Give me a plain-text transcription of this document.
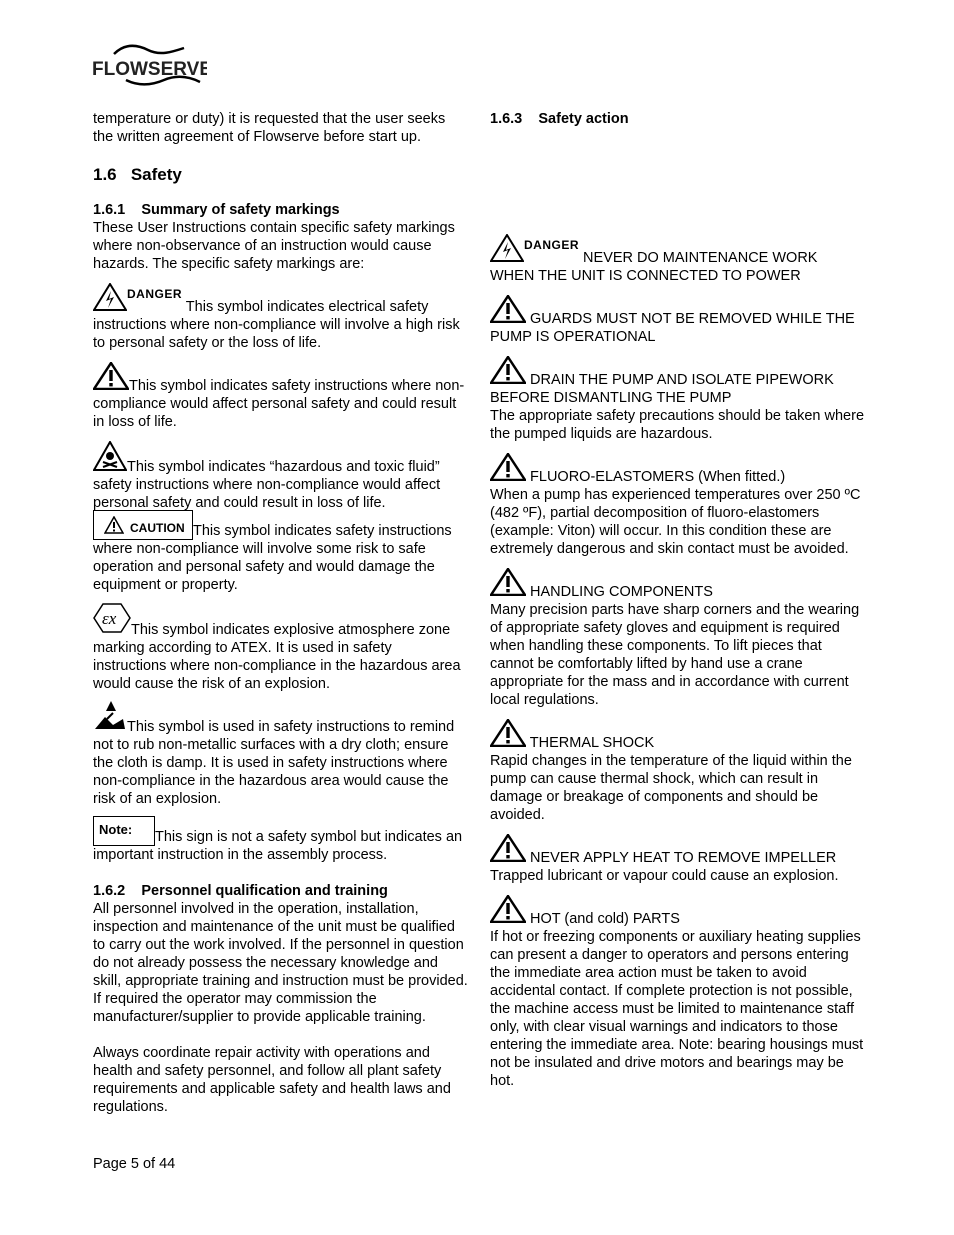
FLOWSERVE

temperature or duty) it is requested that the user seeks the written agreement of Flowserve before start up.

1.6 Safety
1.6.1 Summary of safety markings

These User Instructions contain specific safety markings where non-observance of an instruction would cause hazards. The specific safety markings are:

DANGER This symbol indicates electrical safety instructions where non-compliance will involve a high risk to personal safety or the loss of life.

This symbol indicates safety instructions where non-compliance would affect personal safety and could result in loss of life.

This symbol indicates “hazardous and toxic fluid” safety instructions where non-compliance would affect personal safety and could result in loss of life.

CAUTION This symbol indicates safety instructions where non-compliance will involve some risk to safe operation and personal safety and would damage the equipment or property.

εx
This symbol indicates explosive atmosphere zone marking according to ATEX. It is used in safety instructions where non-compliance in the hazardous area would cause the risk of an explosion.

This symbol is used in safety instructions to remind not to rub non-metallic surfaces with a dry cloth; ensure the cloth is damp. It is used in safety instructions where non-compliance in the hazardous area would cause the risk of an explosion.

Note: This sign is not a safety symbol but indicates an important instruction in the assembly process.

1.6.2 Personnel qualification and training

All personnel involved in the operation, installation, inspection and maintenance of the unit must be qualified to carry out the work involved. If the personnel in question do not already possess the necessary knowledge and skill, appropriate training and instruction must be provided. If required the operator may commission the manufacturer/supplier to provide applicable training.

Always coordinate repair activity with operations and health and safety personnel, and follow all plant safety requirements and applicable safety and health laws and regulations.

1.6.3 Safety action

DANGER NEVER DO MAINTENANCE WORK WHEN THE UNIT IS CONNECTED TO POWER

GUARDS MUST NOT BE REMOVED WHILE THE PUMP IS OPERATIONAL

DRAIN THE PUMP AND ISOLATE PIPEWORK BEFORE DISMANTLING THE PUMP

The appropriate safety precautions should be taken where the pumped liquids are hazardous.

FLUORO-ELASTOMERS (When fitted.)

When a pump has experienced temperatures over 250 ºC (482 ºF), partial decomposition of fluoro-elastomers (example: Viton) will occur. In this condition these are extremely dangerous and skin contact must be avoided.

HANDLING COMPONENTS

Many precision parts have sharp corners and the wearing of appropriate safety gloves and equipment is required when handling these components. To lift pieces that cannot be comfortably lifted by hand use a crane appropriate for the mass and in accordance with current local regulations.

THERMAL SHOCK

Rapid changes in the temperature of the liquid within the pump can cause thermal shock, which can result in damage or breakage of components and should be avoided.

NEVER APPLY HEAT TO REMOVE IMPELLER

Trapped lubricant or vapour could cause an explosion.

HOT (and cold) PARTS

If hot or freezing components or auxiliary heating supplies can present a danger to operators and persons entering the immediate area action must be taken to avoid accidental contact. If complete protection is not possible, the machine access must be limited to maintenance staff only, with clear visual warnings and indicators to those entering the immediate area. Note: bearing housings must not be insulated and drive motors and bearings may be hot.

Page 5 of 44
